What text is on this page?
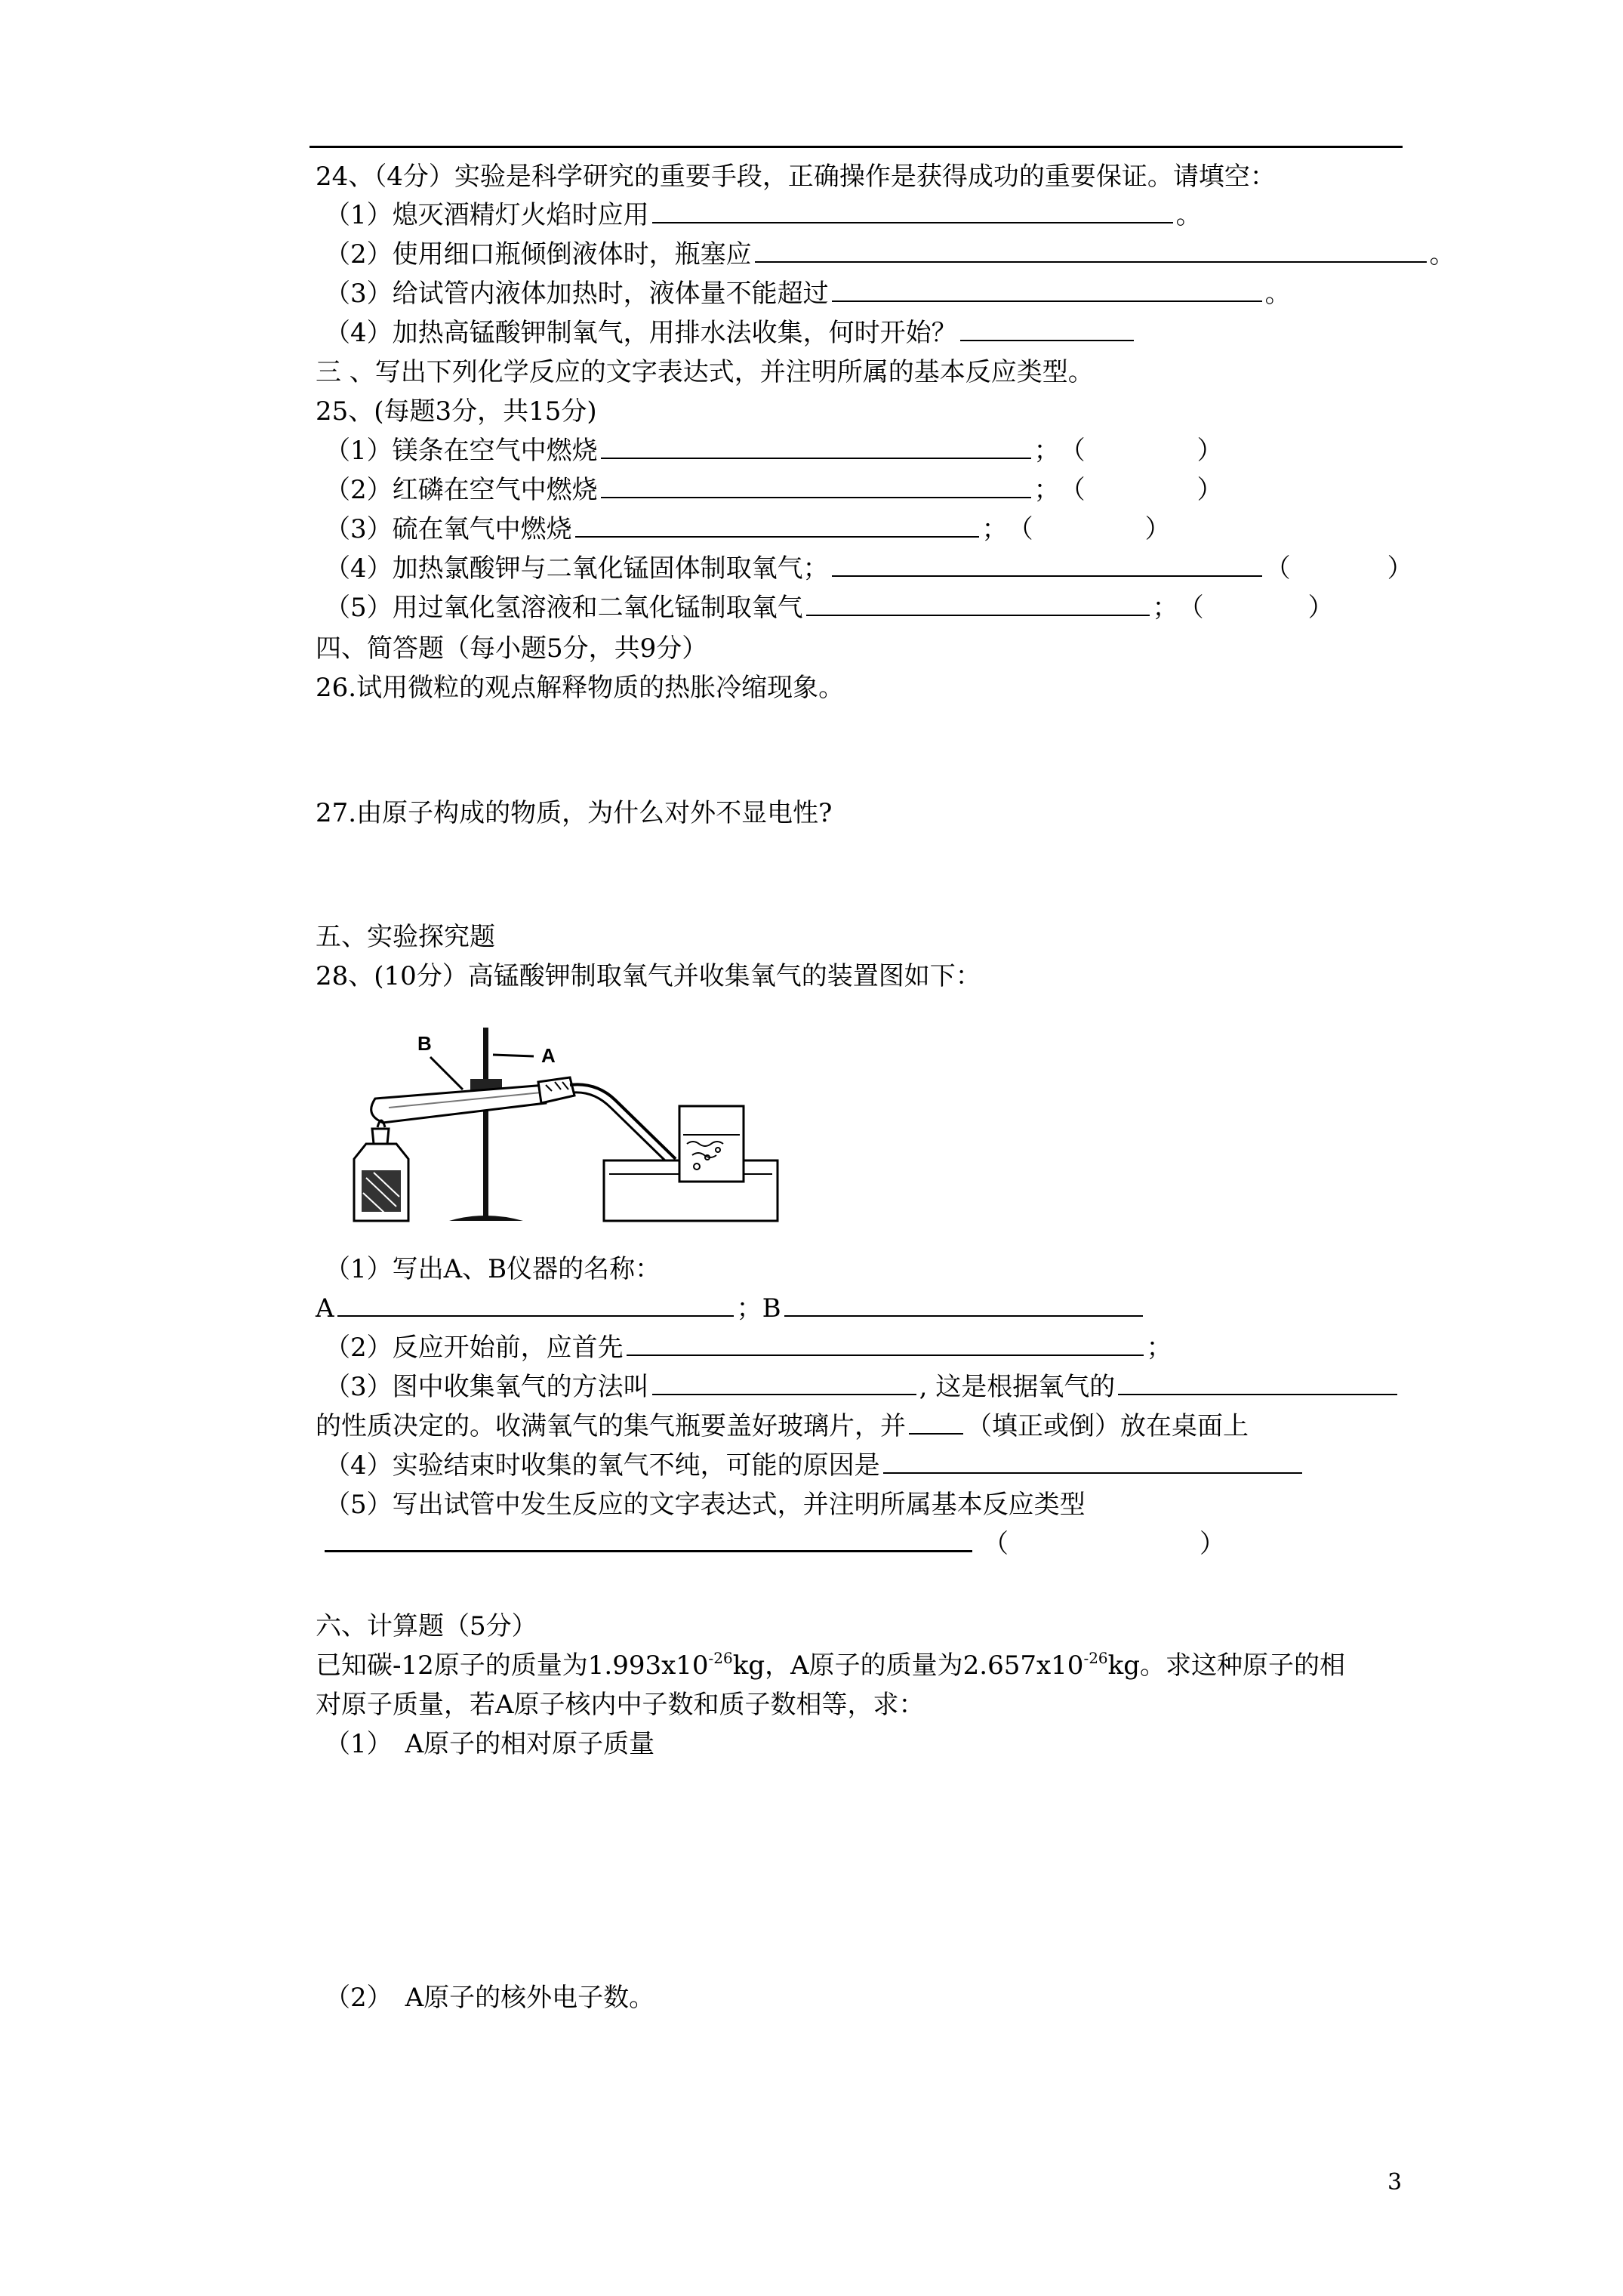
24、（4分）实验是科学研究的重要手段，正确操作是获得成功的重要保证。请填空：
（1）熄灭酒精灯火焰时应用	。
（2）使用细口瓶倾倒液体时，瓶塞应	。
（3）给试管内液体加热时，液体量不能超过	。
（4）加热高锰酸钾制氧气，用排水法收集，何时开始？
三 、写出下列化学反应的文字表达式，并注明所属的基本反应类型。
25、(每题3分，共15分)
（1）镁条在空气中燃烧	；（	）
（2）红磷在空气中燃烧	；（	）
（3）硫在氧气中燃烧	；（	）
（4）加热氯酸钾与二氧化锰固体制取氧气；	（	）
（5）用过氧化氢溶液和二氧化锰制取氧气	；（	）
四、简答题（每小题5分，共9分）
26.试用微粒的观点解释物质的热胀冷缩现象。
27.由原子构成的物质，为什么对外不显电性?
五、实验探究题
28、(10分）高锰酸钾制取氧气并收集氧气的装置图如下：
B
A
（1）写出A、B仪器的名称：
A	；B
（2）反应开始前，应首先	；
（3）图中收集氧气的方法叫	, 这是根据氧气的
的性质决定的。收满氧气的集气瓶要盖好玻璃片，并 （填正或倒）放在桌面上
（4）实验结束时收集的氧气不纯，可能的原因是
（5）写出试管中发生反应的文字表达式，并注明所属基本反应类型
（	）
六、计算题（5分）
已知碳-12原子的质量为$1.993x10^{-26}kg$，A原子的质量为$2.657x10^{-26}kg$。求这种原子的相
对原子质量，若A原子核内中子数和质子数相等，求：
（1）　A原子的相对原子质量
（2）　A原子的核外电子数。
3
